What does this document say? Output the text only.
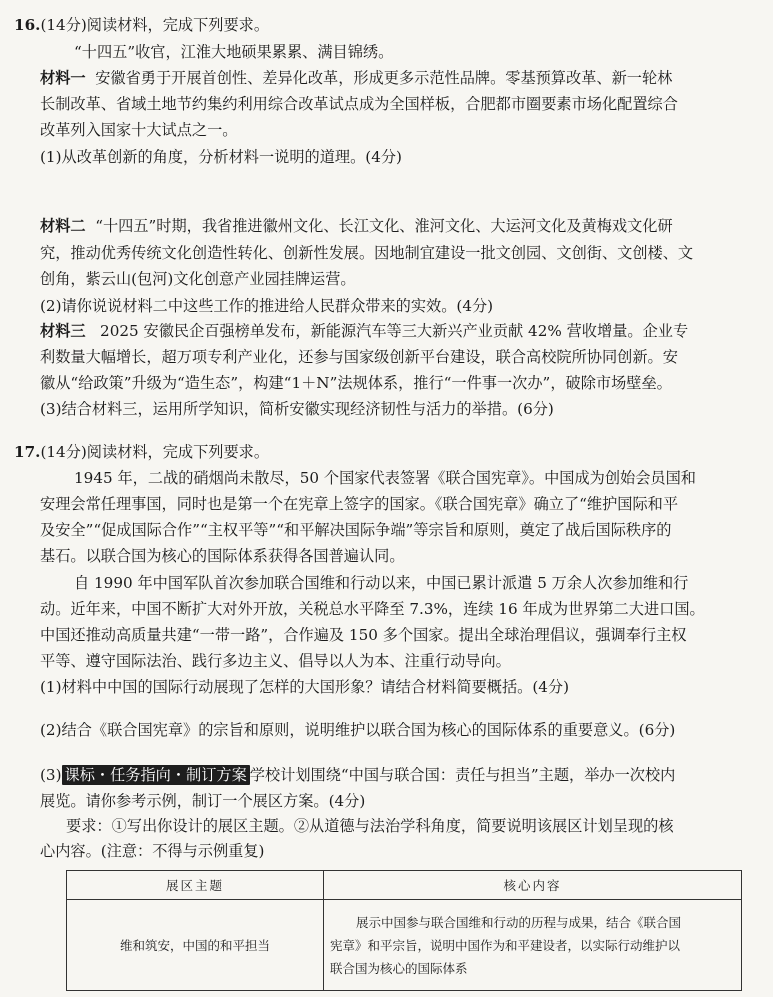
16.(14分)阅读材料，完成下列要求。
“十四五”收官，江淮大地硕果累累、满目锦绣。
材料一 安徽省勇于开展首创性、差异化改革，形成更多示范性品牌。零基预算改革、新一轮林
长制改革、省域土地节约集约利用综合改革试点成为全国样板，合肥都市圈要素市场化配置综合
改革列入国家十大试点之一。
(1)从改革创新的角度，分析材料一说明的道理。(4分)
材料二 “十四五”时期，我省推进徽州文化、长江文化、淮河文化、大运河文化及黄梅戏文化研
究，推动优秀传统文化创造性转化、创新性发展。因地制宜建设一批文创园、文创街、文创楼、文
创角，紫云山(包河)文化创意产业园挂牌运营。
(2)请你说说材料二中这些工作的推进给人民群众带来的实效。(4分)
材料三 2025 安徽民企百强榜单发布，新能源汽车等三大新兴产业贡献 42% 营收增量。企业专
利数量大幅增长，超万项专利产业化，还参与国家级创新平台建设，联合高校院所协同创新。安
徽从“给政策”升级为“造生态”，构建“1＋N”法规体系，推行“一件事一次办”，破除市场壁垒。
(3)结合材料三，运用所学知识，简析安徽实现经济韧性与活力的举措。(6分)
17.(14分)阅读材料，完成下列要求。
1945 年，二战的硝烟尚未散尽，50 个国家代表签署《联合国宪章》。中国成为创始会员国和
安理会常任理事国，同时也是第一个在宪章上签字的国家。《联合国宪章》确立了“维护国际和平
及安全”“促成国际合作”“主权平等”“和平解决国际争端”等宗旨和原则，奠定了战后国际秩序的
基石。以联合国为核心的国际体系获得各国普遍认同。
自 1990 年中国军队首次参加联合国维和行动以来，中国已累计派遣 5 万余人次参加维和行
动。近年来，中国不断扩大对外开放，关税总水平降至 7.3%，连续 16 年成为世界第二大进口国。
中国还推动高质量共建“一带一路”，合作遍及 150 多个国家。提出全球治理倡议，强调奉行主权
平等、遵守国际法治、践行多边主义、倡导以人为本、注重行动导向。
(1)材料中中国的国际行动展现了怎样的大国形象？请结合材料简要概括。(4分)
(2)结合《联合国宪章》的宗旨和原则，说明维护以联合国为核心的国际体系的重要意义。(6分)
(3) 课标・任务指向・制订方案 学校计划围绕“中国与联合国：责任与担当”主题，举办一次校内
展览。请你参考示例，制订一个展区方案。(4分)
要求：①写出你设计的展区主题。②从道德与法治学科角度，简要说明该展区计划呈现的核
心内容。(注意：不得与示例重复)
展区主题	核心内容
维和筑安，中国的和平担当	展示中国参与联合国维和行动的历程与成果，结合《联合国
宪章》和平宗旨，说明中国作为和平建设者，以实际行动维护以
联合国为核心的国际体系
